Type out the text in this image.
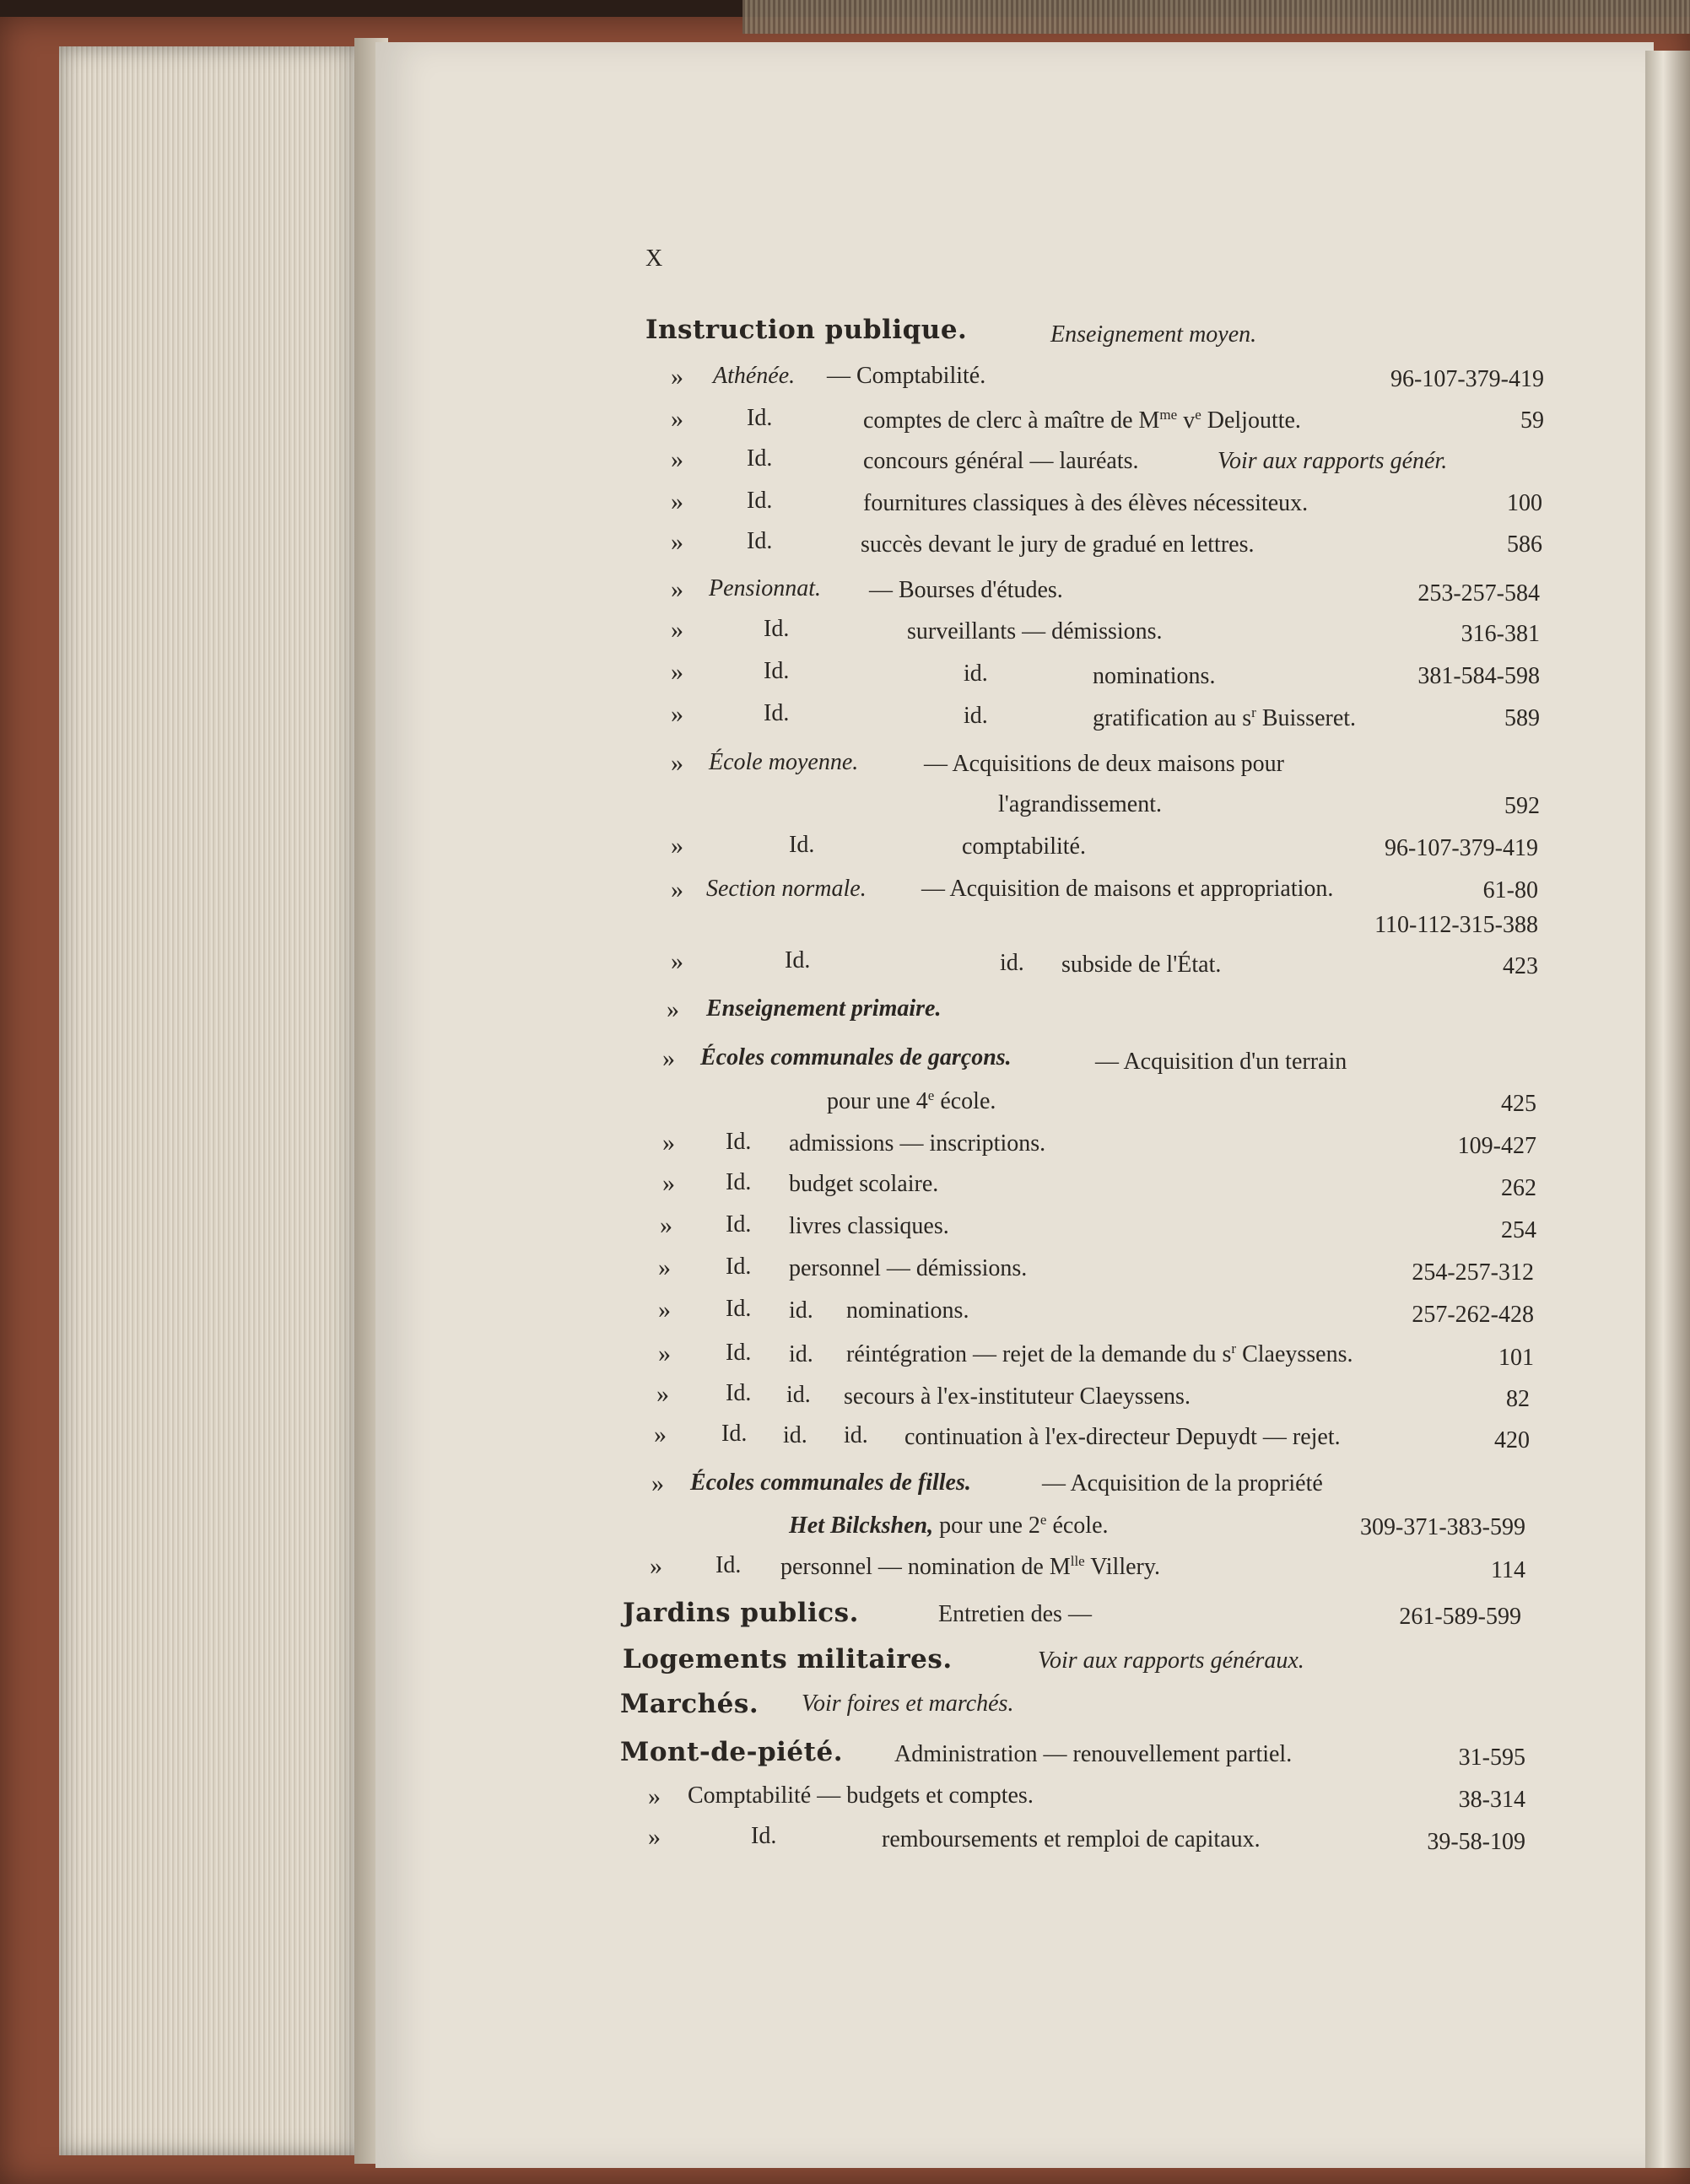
X
Instruction publique.	Enseignement moyen.
» Athénée. — Comptabilité.	96-107-379-419
»	Id.	comptes de clerc à maître de $M^{me}$ $v^e$ Deljoutte.	59
»	Id.	concours général — lauréats.	Voir aux rapports génér.
»	Id.	fournitures classiques à des élèves nécessiteux.	100
»	Id.	succès devant le jury de gradué en lettres.	586
» Pensionnat. — Bourses d'études.	253-257-584
»	Id.	surveillants — démissions.	316-381
»	Id.	id.	nominations.	381-584-598
»	Id.	id.	gratification au $s^r$ Buisseret.	589
» École moyenne.	— Acquisitions de deux maisons pour
l'agrandissement.	592
»	Id.	comptabilité.	96-107-379-419
» Section normale. — Acquisition de maisons et appropriation.	61-80
110-112-315-388
»	Id.	id. subside de l'État.	423
» Enseignement primaire.
» Écoles communales de garçons.	— Acquisition d'un terrain
pour une 4e école.	425
» Id. admissions — inscriptions.	109-427
» Id. budget scolaire.	262
» Id. livres classiques.	254
» Id. personnel — démissions.	254-257-312
» Id. id. nominations.	257-262-428
» Id. id. réintégration — rejet de la demande du $s^r$ Claeyssens.	101
» Id. id. secours à l'ex-instituteur Claeyssens.	82
» Id. id. id. continuation à l'ex-directeur Depuydt — rejet.	420
» Écoles communales de filles.	— Acquisition de la propriété
Het Bilckshen, pour une 2e école.	309-371-383-599
» Id. personnel — nomination de $M^{lle}$ Villery.	114
Jardins publics.	Entretien des —	261-589-599
Logements militaires.	Voir aux rapports généraux.
Marchés. Voir foires et marchés.
Mont-de-piété. Administration — renouvellement partiel.	31-595
» Comptabilité — budgets et comptes.	38-314
»	Id.	remboursements et remploi de capitaux.	39-58-109
